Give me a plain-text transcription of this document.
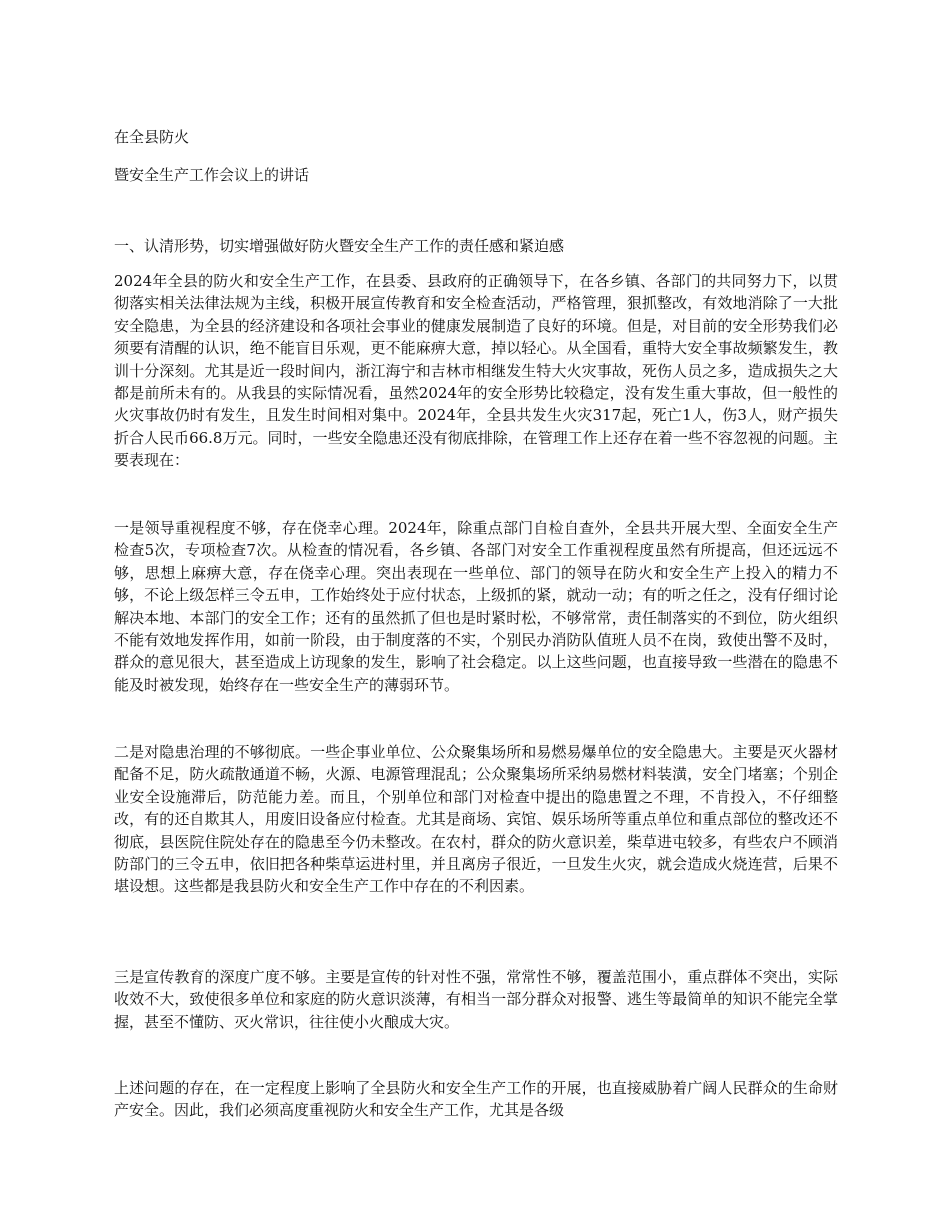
在全县防火
暨安全生产工作会议上的讲话
一、认清形势，切实增强做好防火暨安全生产工作的责任感和紧迫感

2024年全县的防火和安全生产工作，在县委、县政府的正确领导下，在各乡镇、各部门的共同努力下，以贯彻落实相关法律法规为主线，积极开展宣传教育和安全检查活动，严格管理，狠抓整改，有效地消除了一大批安全隐患，为全县的经济建设和各项社会事业的健康发展制造了良好的环境。但是，对目前的安全形势我们必须要有清醒的认识，绝不能盲目乐观，更不能麻痹大意，掉以轻心。从全国看，重特大安全事故频繁发生，教训十分深刻。尤其是近一段时间内，浙江海宁和吉林市相继发生特大火灾事故，死伤人员之多，造成损失之大都是前所未有的。从我县的实际情况看，虽然2024年的安全形势比较稳定，没有发生重大事故，但一般性的火灾事故仍时有发生，且发生时间相对集中。2024年，全县共发生火灾317起，死亡1人，伤3人，财产损失折合人民币66.8万元。同时，一些安全隐患还没有彻底排除，在管理工作上还存在着一些不容忽视的问题。主要表现在：

一是领导重视程度不够，存在侥幸心理。2024年，除重点部门自检自查外，全县共开展大型、全面安全生产检查5次，专项检查7次。从检查的情况看，各乡镇、各部门对安全工作重视程度虽然有所提高，但还远远不够，思想上麻痹大意，存在侥幸心理。突出表现在一些单位、部门的领导在防火和安全生产上投入的精力不够，不论上级怎样三令五申，工作始终处于应付状态，上级抓的紧，就动一动；有的听之任之，没有仔细讨论解决本地、本部门的安全工作；还有的虽然抓了但也是时紧时松，不够常常，责任制落实的不到位，防火组织不能有效地发挥作用，如前一阶段，由于制度落的不实，个别民办消防队值班人员不在岗，致使出警不及时，群众的意见很大，甚至造成上访现象的发生，影响了社会稳定。以上这些问题，也直接导致一些潜在的隐患不能及时被发现，始终存在一些安全生产的薄弱环节。

二是对隐患治理的不够彻底。一些企事业单位、公众聚集场所和易燃易爆单位的安全隐患大。主要是灭火器材配备不足，防火疏散通道不畅，火源、电源管理混乱；公众聚集场所采纳易燃材料装潢，安全门堵塞；个别企业安全设施滞后，防范能力差。而且，个别单位和部门对检查中提出的隐患置之不理，不肯投入，不仔细整改，有的还自欺其人，用废旧设备应付检查。尤其是商场、宾馆、娱乐场所等重点单位和重点部位的整改还不彻底，县医院住院处存在的隐患至今仍未整改。在农村，群众的防火意识差，柴草进屯较多，有些农户不顾消防部门的三令五申，依旧把各种柴草运进村里，并且离房子很近，一旦发生火灾，就会造成火烧连营，后果不堪设想。这些都是我县防火和安全生产工作中存在的不利因素。

三是宣传教育的深度广度不够。主要是宣传的针对性不强，常常性不够，覆盖范围小，重点群体不突出，实际收效不大，致使很多单位和家庭的防火意识淡薄，有相当一部分群众对报警、逃生等最简单的知识不能完全掌握，甚至不懂防、灭火常识，往往使小火酿成大灾。

上述问题的存在，在一定程度上影响了全县防火和安全生产工作的开展，也直接威胁着广阔人民群众的生命财产安全。因此，我们必须高度重视防火和安全生产工作，尤其是各级
